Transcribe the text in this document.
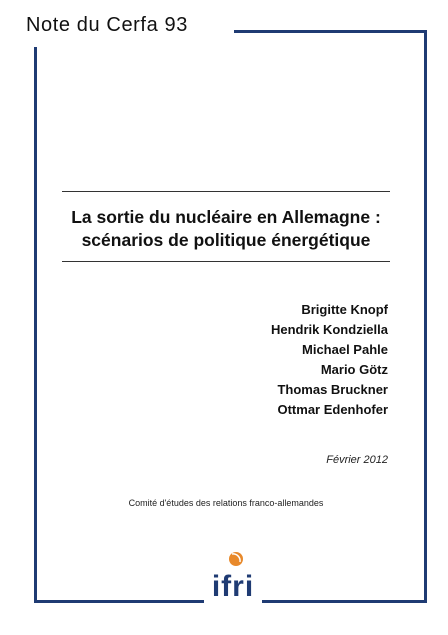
Note du Cerfa 93
La sortie du nucléaire en Allemagne :
scénarios de politique énergétique
Brigitte Knopf
Hendrik Kondziella
Michael Pahle
Mario Götz
Thomas Bruckner
Ottmar Edenhofer
Février 2012
Comité d'études des relations franco-allemandes
ifri
